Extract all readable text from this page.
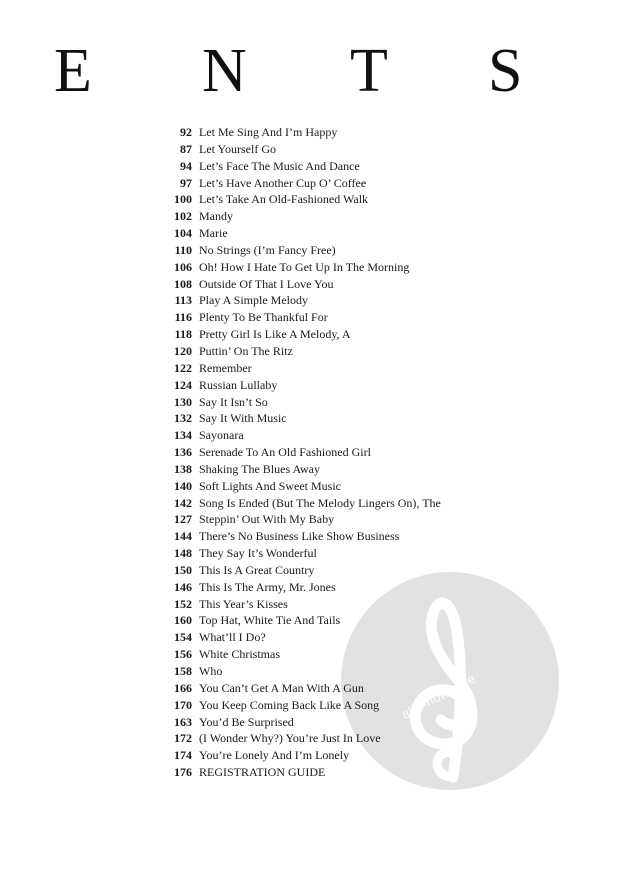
E N T S
alle-noten.de
92 Let Me Sing And I’m Happy
87 Let Yourself Go
94 Let’s Face The Music And Dance
97 Let’s Have Another Cup O’ Coffee
100 Let’s Take An Old-Fashioned Walk
102 Mandy
104 Marie
110 No Strings (I’m Fancy Free)
106 Oh! How I Hate To Get Up In The Morning
108 Outside Of That I Love You
113 Play A Simple Melody
116 Plenty To Be Thankful For
118 Pretty Girl Is Like A Melody, A
120 Puttin’ On The Ritz
122 Remember
124 Russian Lullaby
130 Say It Isn’t So
132 Say It With Music
134 Sayonara
136 Serenade To An Old Fashioned Girl
138 Shaking The Blues Away
140 Soft Lights And Sweet Music
142 Song Is Ended (But The Melody Lingers On), The
127 Steppin’ Out With My Baby
144 There’s No Business Like Show Business
148 They Say It’s Wonderful
150 This Is A Great Country
146 This Is The Army, Mr. Jones
152 This Year’s Kisses
160 Top Hat, White Tie And Tails
154 What’ll I Do?
156 White Christmas
158 Who
166 You Can’t Get A Man With A Gun
170 You Keep Coming Back Like A Song
163 You’d Be Surprised
172 (I Wonder Why?) You’re Just In Love
174 You’re Lonely And I’m Lonely
176 REGISTRATION GUIDE
